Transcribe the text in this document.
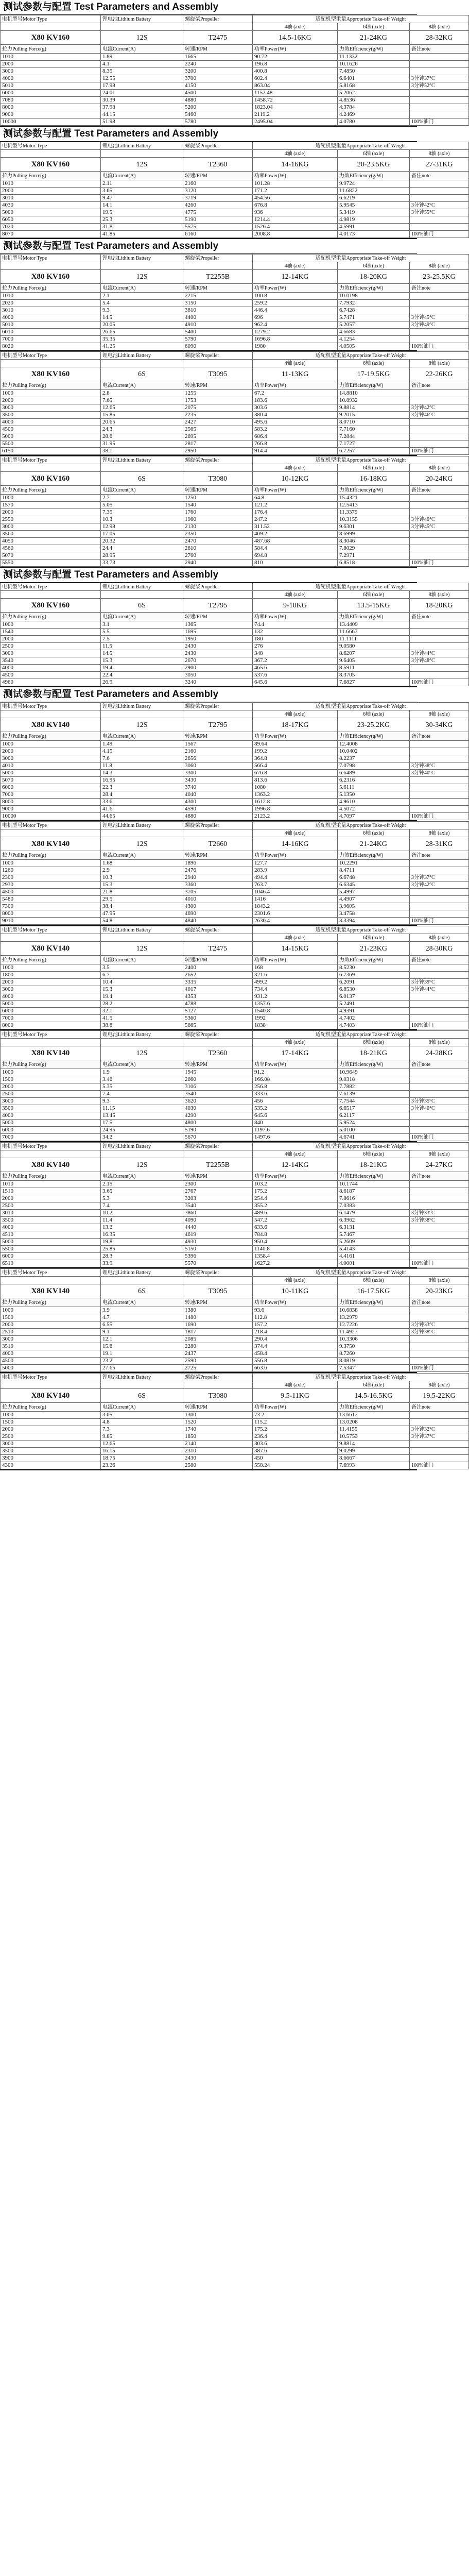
测试参数与配置 Test Parameters and Assembly
电机型号Motor Type	锂电池Lithium Battery	螺旋桨Propeller	适配机型重量Appropriate Take-off Weight		
			4轴 (axle)	6轴 (axle)	8轴 (axle)
X80 KV160	12S	T2475	14.5-16KG	21-24KG	28-32KG
拉力Pulling Force(g)	电流Current(A)	转速/RPM	功率Power(W)	力效Efficiency(g/W)	备注note
1010	1.89	1665	90.72	11.1332	
2000	4.1	2240	196.8	10.1626	
3000	8.35	3200	400.8	7.4850	
4000	12.55	3700	602.4	6.6401	3分钟37°C
5010	17.98	4150	863.04	5.8168	3分钟52°C
6000	24.01	4500	1152.48	5.2062	
7080	30.39	4880	1458.72	4.8536	
8000	37.98	5200	1823.04	4.3784	
9000	44.15	5460	2119.2	4.2469	
10000	51.98	5780	2495.04	4.0780	100%油门
测试参数与配置 Test Parameters and Assembly
电机型号Motor Type	锂电池Lithium Battery	螺旋桨Propeller	适配机型重量Appropriate Take-off Weight		
			4轴 (axle)	6轴 (axle)	8轴 (axle)
X80 KV160	12S	T2360	14-16KG	20-23.5KG	27-31KG
拉力Pulling Force(g)	电流Current(A)	转速/RPM	功率Power(W)	力效Efficiency(g/W)	备注note
1010	2.11	2160	101.28	9.9724	
2000	3.65	3120	171.2	11.6822	
3010	9.47	3719	454.56	6.6219	
4030	14.1	4260	676.8	5.9545	3分钟42°C
5000	19.5	4775	936	5.3419	3分钟55°C
6050	25.3	5190	1214.4	4.9819	
7020	31.8	5575	1526.4	4.5991	
8070	41.85	6160	2008.8	4.0173	100%油门
测试参数与配置 Test Parameters and Assembly
电机型号Motor Type	锂电池Lithium Battery	螺旋桨Propeller	适配机型重量Appropriate Take-off Weight		
			4轴 (axle)	6轴 (axle)	8轴 (axle)
X80 KV160	12S	T2255B	12-14KG	18-20KG	23-25.5KG
拉力Pulling Force(g)	电流Current(A)	转速/RPM	功率Power(W)	力效Efficiency(g/W)	备注note
1010	2.1	2215	100.8	10.0198	
2020	5.4	3150	259.2	7.7932	
3010	9.3	3810	446.4	6.7428	
4000	14.5	4400	696	5.7471	3分钟45°C
5010	20.05	4910	962.4	5.2057	3分钟49°C
6010	26.65	5400	1279.2	4.6683	
7000	35.35	5790	1696.8	4.1254	
8020	41.25	6090	1980	4.0505	100%油门
电机型号Motor Type	锂电池Lithium Battery	螺旋桨Propeller	适配机型重量Appropriate Take-off Weight		
			4轴 (axle)	6轴 (axle)	8轴 (axle)
X80 KV160	6S	T3095	11-13KG	17-19.5KG	22-26KG
拉力Pulling Force(g)	电流Current(A)	转速/RPM	功率Power(W)	力效Efficiency(g/W)	备注note
1000	2.8	1255	67.2	14.8810	
2000	7.65	1753	183.6	10.8932	
3000	12.65	2075	303.6	9.8814	3分钟42°C
3500	15.85	2235	380.4	9.2015	3分钟46°C
4000	20.65	2427	495.6	8.0710	
4500	24.3	2565	583.2	7.7160	
5000	28.6	2695	686.4	7.2844	
5500	31.95	2817	766.8	7.1727	
6150	38.1	2950	914.4	6.7257	100%油门
电机型号Motor Type	锂电池Lithium Battery	螺旋桨Propeller	适配机型重量Appropriate Take-off Weight		
			4轴 (axle)	6轴 (axle)	8轴 (axle)
X80 KV160	6S	T3080	10-12KG	16-18KG	20-24KG
拉力Pulling Force(g)	电流Current(A)	转速/RPM	功率Power(W)	力效Efficiency(g/W)	备注note
1000	2.7	1250	64.8	15.4321	
1570	5.05	1540	121.2	12.5413	
2000	7.35	1760	176.4	11.3379	
2550	10.3	1960	247.2	10.3155	3分钟40°C
3000	12.98	2130	311.52	9.6301	3分钟45°C
3560	17.05	2350	409.2	8.6999	
4050	20.32	2470	487.68	8.3046	
4560	24.4	2610	584.4	7.8029	
5070	28.95	2760	694.8	7.2971	
5550	33.73	2940	810	6.8518	100%油门
测试参数与配置 Test Parameters and Assembly
电机型号Motor Type	锂电池Lithium Battery	螺旋桨Propeller	适配机型重量Appropriate Take-off Weight		
			4轴 (axle)	6轴 (axle)	8轴 (axle)
X80 KV160	6S	T2795	9-10KG	13.5-15KG	18-20KG
拉力Pulling Force(g)	电流Current(A)	转速/RPM	功率Power(W)	力效Efficiency(g/W)	备注note
1000	3.1	1365	74.4	13.4409	
1540	5.5	1695	132	11.6667	
2000	7.5	1950	180	11.1111	
2500	11.5	2430	276	9.0580	
3000	14.5	2430	348	8.6207	3分钟44°C
3540	15.3	2670	367.2	9.6405	3分钟48°C
4000	19.4	2900	465.6	8.5911	
4500	22.4	3050	537.6	8.3705	
4960	26.9	3240	645.6	7.6827	100%油门
测试参数与配置 Test Parameters and Assembly
电机型号Motor Type	锂电池Lithium Battery	螺旋桨Propeller	适配机型重量Appropriate Take-off Weight		
			4轴 (axle)	6轴 (axle)	8轴 (axle)
X80 KV140	12S	T2795	18-17KG	23-25.2KG	30-34KG
拉力Pulling Force(g)	电流Current(A)	转速/RPM	功率Power(W)	力效Efficiency(g/W)	备注note
1000	1.49	1567	89.64	12.4008	
2000	4.15	2160	199.2	10.0402	
3000	7.6	2656	364.8	8.2237	
4010	11.8	3060	566.4	7.0798	3分钟38°C
5000	14.3	3300	676.8	6.6489	3分钟40°C
5070	16.95	3430	813.6	6.2316	
6000	22.3	3740	1080	5.6111	
7000	28.4	4040	1363.2	5.1350	
8000	33.6	4300	1612.8	4.9610	
9000	41.6	4590	1996.8	4.5072	
10000	44.65	4880	2123.2	4.7097	100%油门
电机型号Motor Type	锂电池Lithium Battery	螺旋桨Propeller	适配机型重量Appropriate Take-off Weight		
			4轴 (axle)	6轴 (axle)	8轴 (axle)
X80 KV140	12S	T2660	14-16KG	21-24KG	28-31KG
拉力Pulling Force(g)	电流Current(A)	转速/RPM	功率Power(W)	力效Efficiency(g/W)	备注note
1000	1.68	1896	127.7	10.2291	
1260	2.9	2476	283.9	8.4711	
2300	10.3	2940	494.4	6.6748	3分钟37°C
2930	15.3	3360	763.7	6.6345	3分钟42°C
4500	21.8	3705	1046.4	5.4997	
5480	29.5	4010	1416	4.4907	
7300	38.4	4300	1843.2	3.9605	
8000	47.95	4690	2301.6	3.4758	
9010	54.8	4840	2630.4	3.3394	100%油门
电机型号Motor Type	锂电池Lithium Battery	螺旋桨Propeller	适配机型重量Appropriate Take-off Weight		
			4轴 (axle)	6轴 (axle)	8轴 (axle)
X80 KV140	12S	T2475	14-15KG	21-23KG	28-30KG
拉力Pulling Force(g)	电流Current(A)	转速/RPM	功率Power(W)	力效Efficiency(g/W)	备注note
1000	3.5	2400	168	8.5230	
1800	6.7	2652	321.6	6.7369	
2000	10.4	3335	499.2	6.2091	3分钟39°C
3000	15.3	4017	734.4	6.8530	3分钟44°C
4000	19.4	4353	931.2	6.0137	
5000	28.2	4788	1357.6	5.2491	
6000	32.1	5127	1540.8	4.9391	
7000	41.5	5360	1992	4.7402	
8000	38.8	5665	1838	4.7403	100%油门
电机型号Motor Type	锂电池Lithium Battery	螺旋桨Propeller	适配机型重量Appropriate Take-off Weight		
			4轴 (axle)	6轴 (axle)	8轴 (axle)
X80 KV140	12S	T2360	17-14KG	18-21KG	24-28KG
拉力Pulling Force(g)	电流Current(A)	转速/RPM	功率Power(W)	力效Efficiency(g/W)	备注note
1000	1.9	1945	91.2	10.9649	
1500	3.46	2660	166.08	9.0318	
2000	5.35	3106	256.8	7.7882	
2500	7.4	3540	333.6	7.6139	
3000	9.3	3620	456	7.7544	3分钟35°C
3500	11.15	4030	535.2	6.6517	3分钟40°C
4000	13.45	4290	645.6	6.2117	
5000	17.5	4800	840	5.9524	
6000	24.95	5190	1197.6	5.0100	
7000	34.2	5670	1497.6	4.6741	100%油门
电机型号Motor Type	锂电池Lithium Battery	螺旋桨Propeller	适配机型重量Appropriate Take-off Weight		
			4轴 (axle)	6轴 (axle)	8轴 (axle)
X80 KV140	12S	T2255B	12-14KG	18-21KG	24-27KG
拉力Pulling Force(g)	电流Current(A)	转速/RPM	功率Power(W)	力效Efficiency(g/W)	备注note
1010	2.15	2300	103.2	10.1744	
1510	3.65	2767	175.2	8.6187	
2000	5.3	3203	254.4	7.8616	
2500	7.4	3540	355.2	7.0383	
3010	10.2	3860	489.6	6.1479	3分钟33°C
3500	11.4	4090	547.2	6.3962	3分钟38°C
4000	13.2	4440	633.6	6.3131	
4510	16.35	4619	784.8	5.7467	
5000	19.8	4930	950.4	5.2609	
5500	25.85	5150	1140.8	5.4143	
6000	28.3	5396	1358.4	4.4161	
6510	33.9	5570	1627.2	4.0001	100%油门
电机型号Motor Type	锂电池Lithium Battery	螺旋桨Propeller	适配机型重量Appropriate Take-off Weight		
			4轴 (axle)	6轴 (axle)	8轴 (axle)
X80 KV140	6S	T3095	10-11KG	16-17.5KG	20-23KG
拉力Pulling Force(g)	电流Current(A)	转速/RPM	功率Power(W)	力效Efficiency(g/W)	备注note
1000	3.9	1380	93.6	10.6838	
1500	4.7	1480	112.8	13.2979	
2000	6.55	1690	157.2	12.7226	3分钟33°C
2510	9.1	1817	218.4	11.4927	3分钟38°C
3000	12.1	2085	290.4	10.3306	
3510	15.6	2280	374.4	9.3750	
4000	19.1	2437	458.4	8.7260	
4500	23.2	2590	556.8	8.0819	
5000	27.65	2725	663.6	7.5347	100%油门
电机型号Motor Type	锂电池Lithium Battery	螺旋桨Propeller	适配机型重量Appropriate Take-off Weight		
			4轴 (axle)	6轴 (axle)	8轴 (axle)
X80 KV140	6S	T3080	9.5-11KG	14.5-16.5KG	19.5-22KG
拉力Pulling Force(g)	电流Current(A)	转速/RPM	功率Power(W)	力效Efficiency(g/W)	备注note
1000	3.05	1300	73.2	13.6612	
1500	4.8	1520	115.2	13.0208	
2000	7.3	1740	175.2	11.4155	3分钟32°C
2500	9.85	1850	236.4	10.5753	3分钟37°C
3000	12.65	2140	303.6	9.8814	
3500	16.15	2310	387.6	9.0299	
3900	18.75	2430	450	8.6667	
4300	23.26	2580	558.24	7.6993	100%油门
